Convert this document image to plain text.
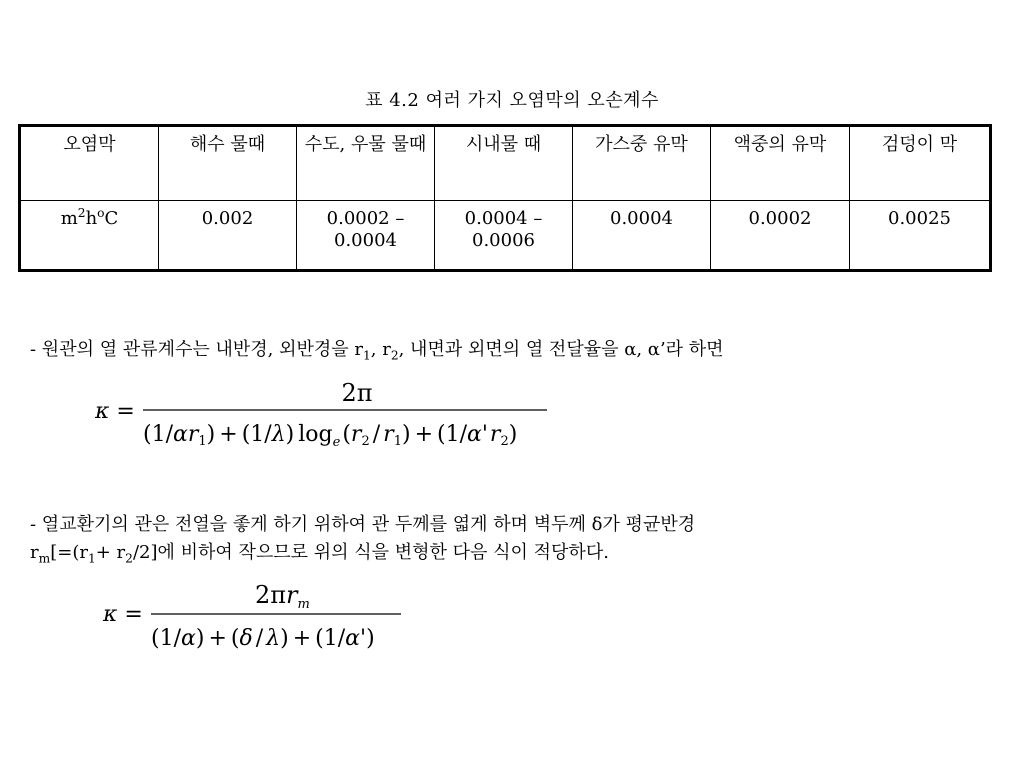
표 4.2 여러 가지 오염막의 오손계수
오염막	해수 물때	수도, 우물 물때	시내물 때	가스중 유막	액중의 유막	검덩이 막
$m^2h^oC$	0.002	0.0002 – 0.0004	0.0004 – 0.0006	0.0004	0.0002	0.0025
- 원관의 열 관류계수는 내반경, 외반경을 $r_1$, $r_2$, 내면과 외면의 열 전달율을 α, α’라 하면
κ =
2π
(1/αr1) + (1/λ) $\log_e(r2 / r1) + (1/\alpha'r2)$
- 열교환기의 관은 전열을 좋게 하기 위하여 관 두께를 엷게 하며 벽두께 δ가 평균반경
$r_m[=(r_1+ r_2/2]$에 비하여 작으므로 위의 식을 변형한 다음 식이 적당하다.
κ =
$2\pi r_m$
(1/α) + (δ / λ) + (1/α')
